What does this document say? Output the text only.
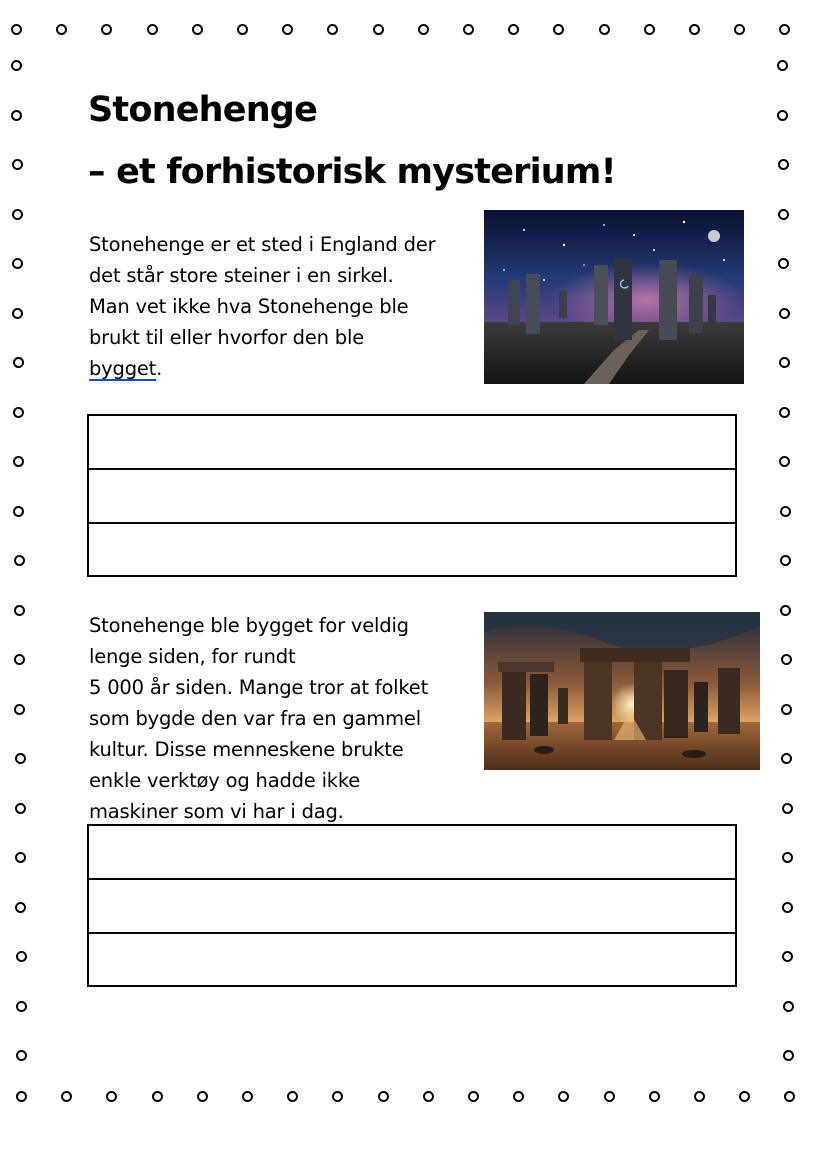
Stonehenge
– et forhistorisk mysterium!

Stonehenge er et sted i England der
det står store steiner i en sirkel.
Man vet ikke hva Stonehenge ble
brukt til eller hvorfor den ble
bygget.

Stonehenge ble bygget for veldig
lenge siden, for rundt
5 000 år siden. Mange tror at folket
som bygde den var fra en gammel
kultur. Disse menneskene brukte
enkle verktøy og hadde ikke
maskiner som vi har i dag.
